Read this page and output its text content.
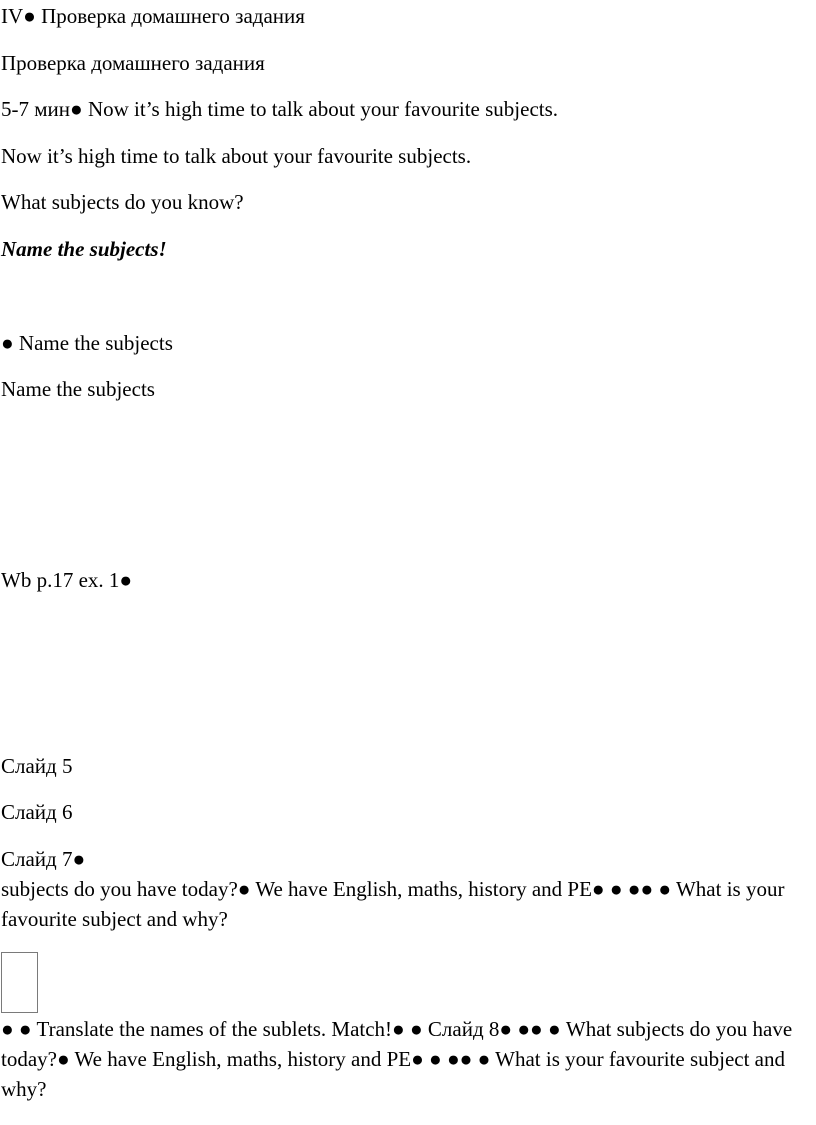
IV● Проверка домашнего задания
Проверка домашнего задания
5-7 мин● Now it’s high time to talk about your favourite subjects.
Now it’s high time to talk about your favourite subjects.
What subjects do you know?
Name the subjects!
● Name the subjects
Name the subjects
Wb p.17 ex. 1●
Слайд 5
Слайд 6
Слайд 7●
subjects do you have today?● We have English, maths, history and PE● ● ●● ● What is your favourite subject and why?
● ● Translate the names of the sublets. Match!● ● Слайд 8● ●● ● What subjects do you have today?● We have English, maths, history and PE● ● ●● ● What is your favourite subject and why?
